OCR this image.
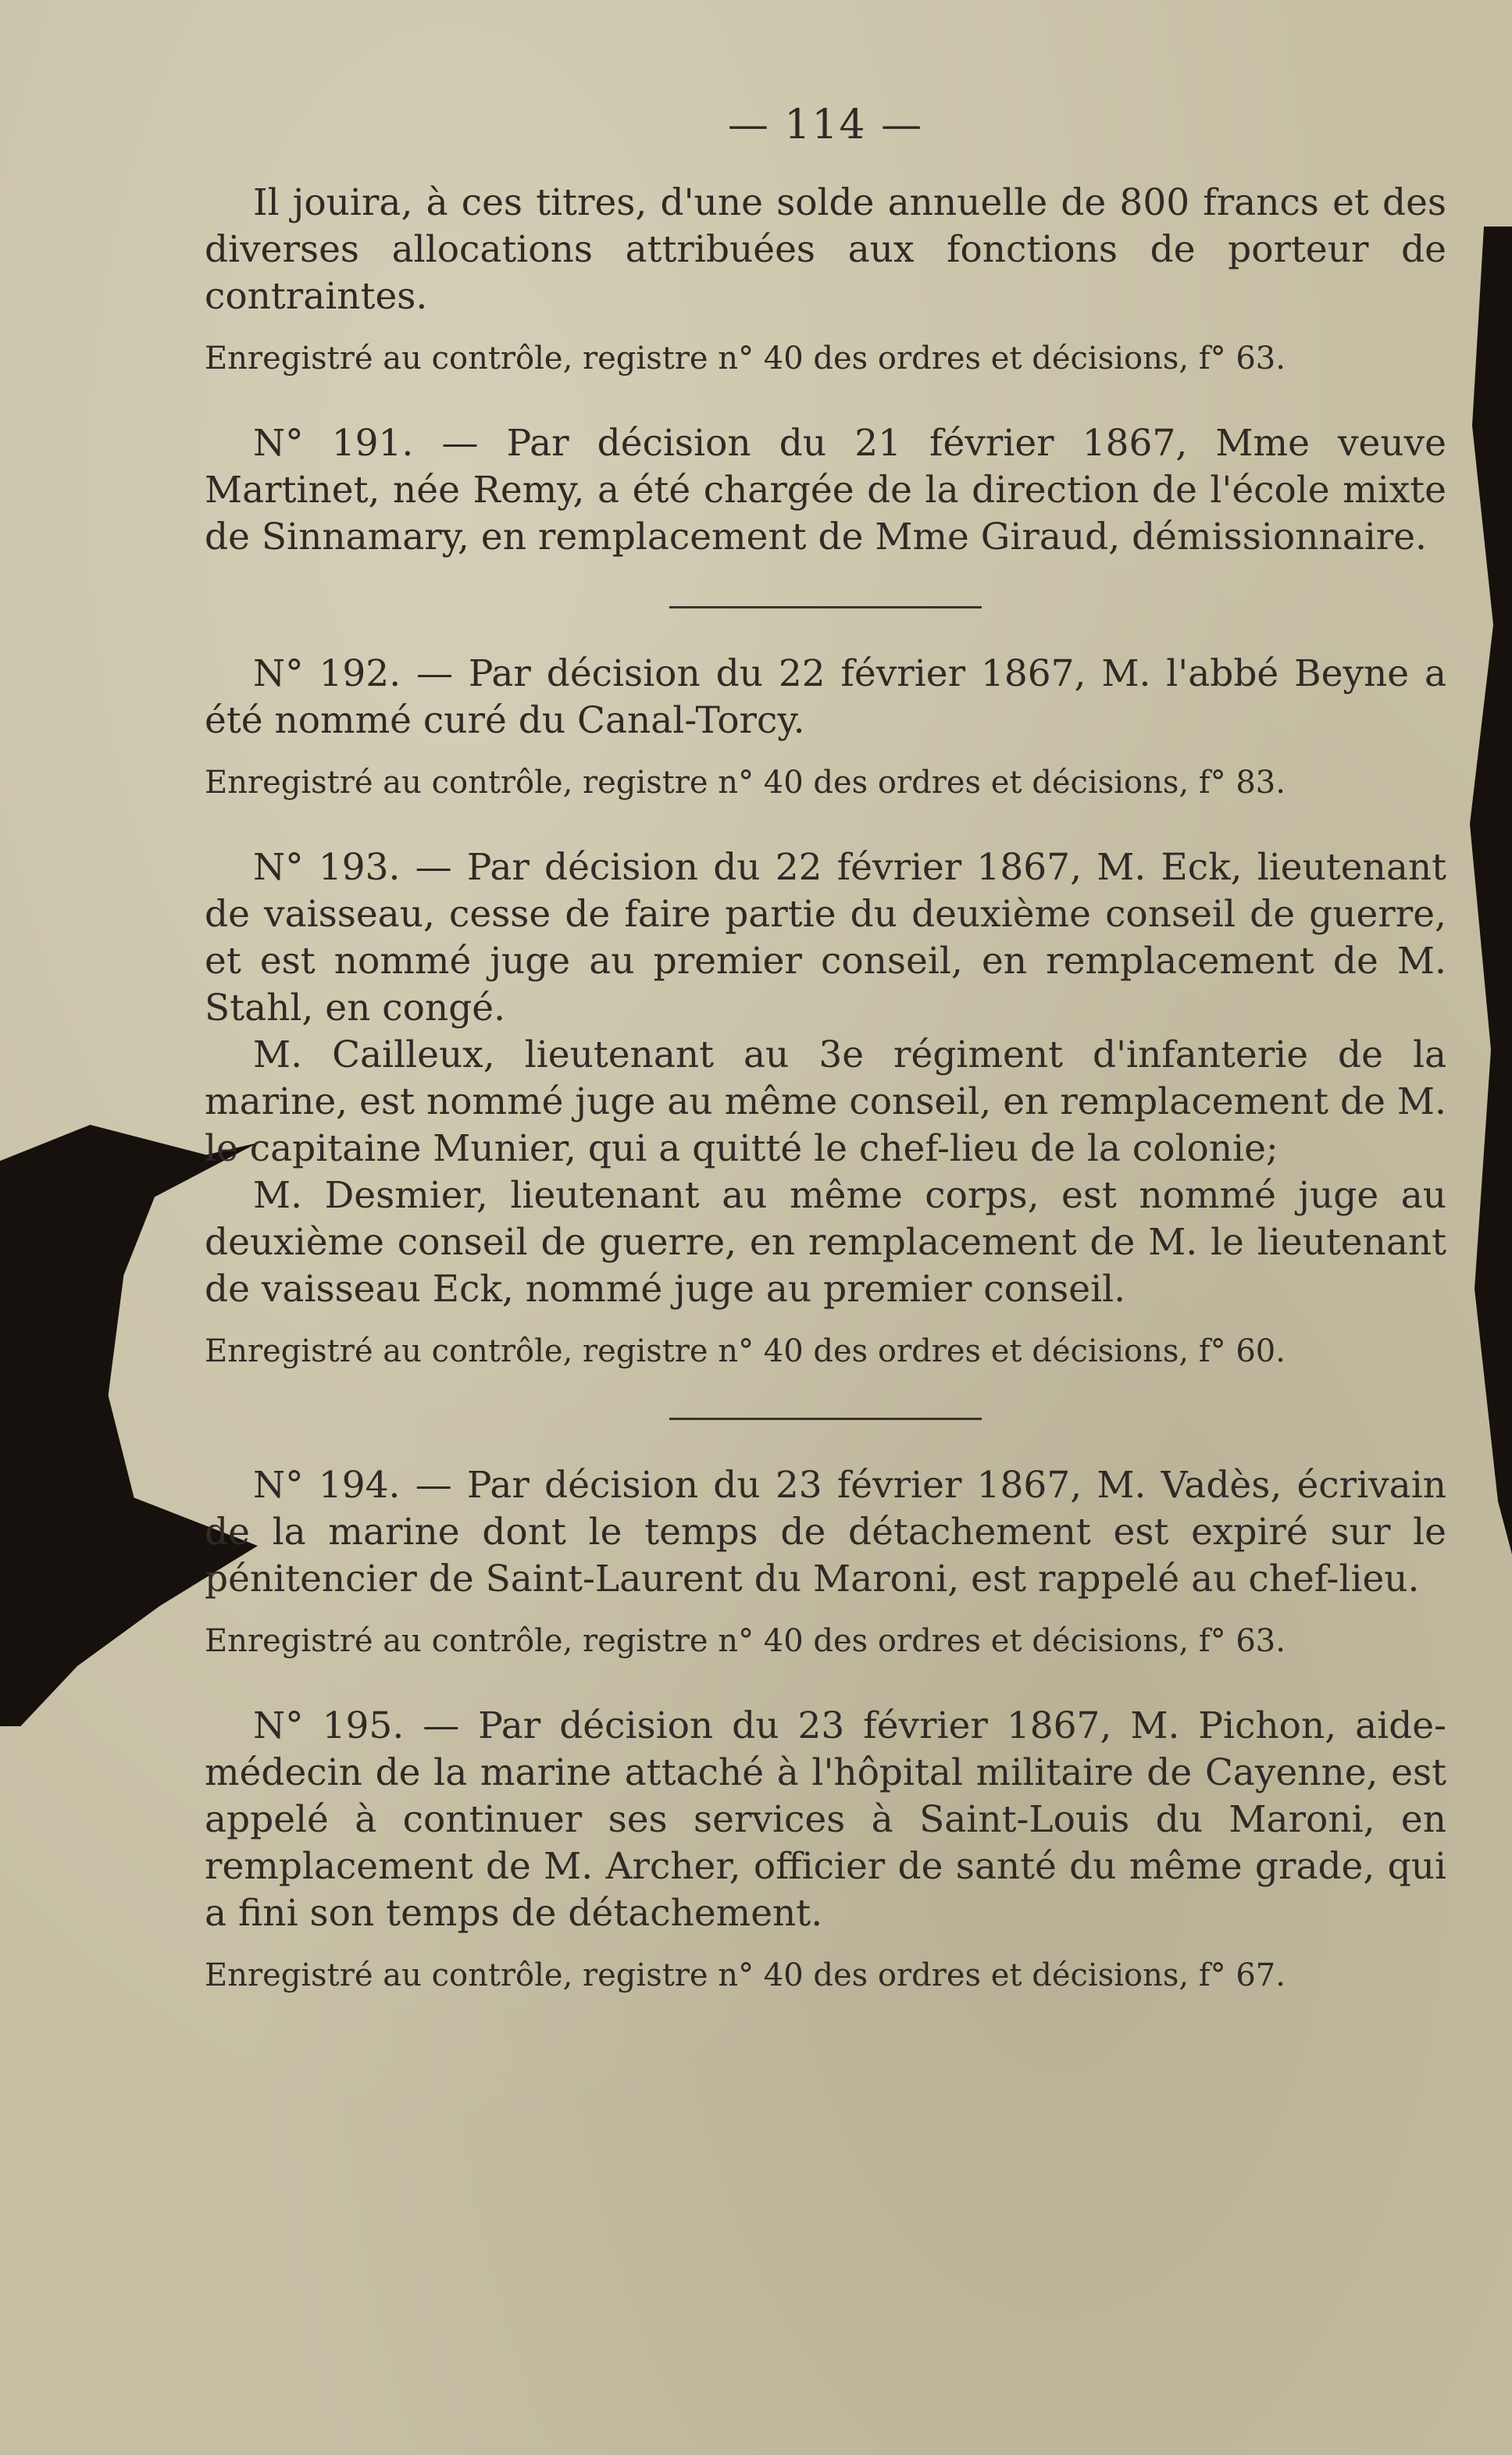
— 114 —

Il jouira, à ces titres, d'une solde annuelle de 800 francs et des diverses allocations attribuées aux fonctions de porteur de contraintes.

Enregistré au contrôle, registre n° 40 des ordres et décisions, f° 63.

N° 191. — Par décision du 21 février 1867, Mme veuve Martinet, née Remy, a été chargée de la direction de l'école mixte de Sinnamary, en remplacement de Mme Giraud, démissionnaire.

N° 192. — Par décision du 22 février 1867, M. l'abbé Beyne a été nommé curé du Canal-Torcy.

Enregistré au contrôle, registre n° 40 des ordres et décisions, f° 83.

N° 193. — Par décision du 22 février 1867, M. Eck, lieutenant de vaisseau, cesse de faire partie du deuxième conseil de guerre, et est nommé juge au premier conseil, en remplacement de M. Stahl, en congé.

M. Cailleux, lieutenant au 3e régiment d'infanterie de la marine, est nommé juge au même conseil, en remplacement de M. le capitaine Munier, qui a quitté le chef-lieu de la colonie;

M. Desmier, lieutenant au même corps, est nommé juge au deuxième conseil de guerre, en remplacement de M. le lieutenant de vaisseau Eck, nommé juge au premier conseil.

Enregistré au contrôle, registre n° 40 des ordres et décisions, f° 60.

N° 194. — Par décision du 23 février 1867, M. Vadès, écrivain de la marine dont le temps de détachement est expiré sur le pénitencier de Saint-Laurent du Maroni, est rappelé au chef-lieu.

Enregistré au contrôle, registre n° 40 des ordres et décisions, f° 63.

N° 195. — Par décision du 23 février 1867, M. Pichon, aide-médecin de la marine attaché à l'hôpital militaire de Cayenne, est appelé à continuer ses services à Saint-Louis du Maroni, en remplacement de M. Archer, officier de santé du même grade, qui a fini son temps de détachement.

Enregistré au contrôle, registre n° 40 des ordres et décisions, f° 67.
